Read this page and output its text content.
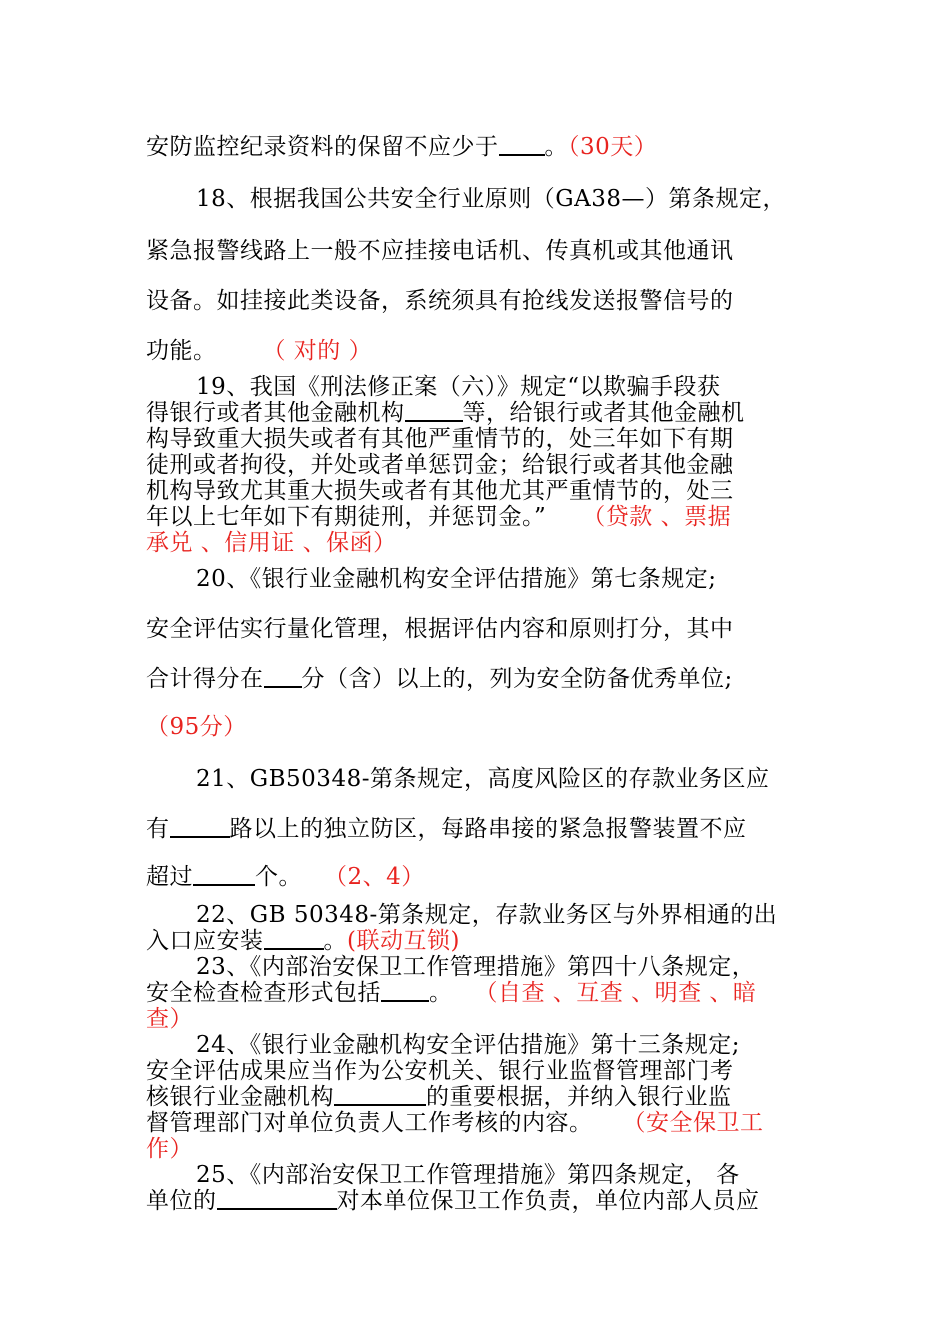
安防监控纪录资料的保留不应少于 。（30天）
18、根据我国公共安全行业原则（GA38—）第条规定，
紧急报警线路上一般不应挂接电话机、传真机或其他通讯
设备。如挂接此类设备，系统须具有抢线发送报警信号的
功能。 （ 对的 ）
19、我国《刑法修正案（六）》规定“以欺骗手段获
得银行或者其他金融机构	等，给银行或者其他金融机
构导致重大损失或者有其他严重情节的，处三年如下有期
徒刑或者拘役，并处或者单惩罚金；给银行或者其他金融
机构导致尤其重大损失或者有其他尤其严重情节的，处三
年以上七年如下有期徒刑，并惩罚金。” （贷款 、票据
承兑 、信用证 、保函）
20、《银行业金融机构安全评估措施》第七条规定;
安全评估实行量化管理，根据评估内容和原则打分，其中
合计得分在 分（含）以上的，列为安全防备优秀单位;
（95分）
21、GB50348-第条规定，高度风险区的存款业务区应
有	路以上的独立防区，每路串接的紧急报警装置不应
超过	个。 （2、4）
22、GB 50348-第条规定，存款业务区与外界相通的出
入口应安装	。(联动互锁)
23、《内部治安保卫工作管理措施》第四十八条规定，
安全检查检查形式包括 。 （自查 、互查 、明查 、暗
查）
24、《银行业金融机构安全评估措施》第十三条规定;
安全评估成果应当作为公安机关、银行业监督管理部门考
核银行业金融机构	的重要根据，并纳入银行业监
督管理部门对单位负责人工作考核的内容。 （安全保卫工
作）
25、《内部治安保卫工作管理措施》第四条规定， 各
单位的	对本单位保卫工作负责，单位内部人员应
